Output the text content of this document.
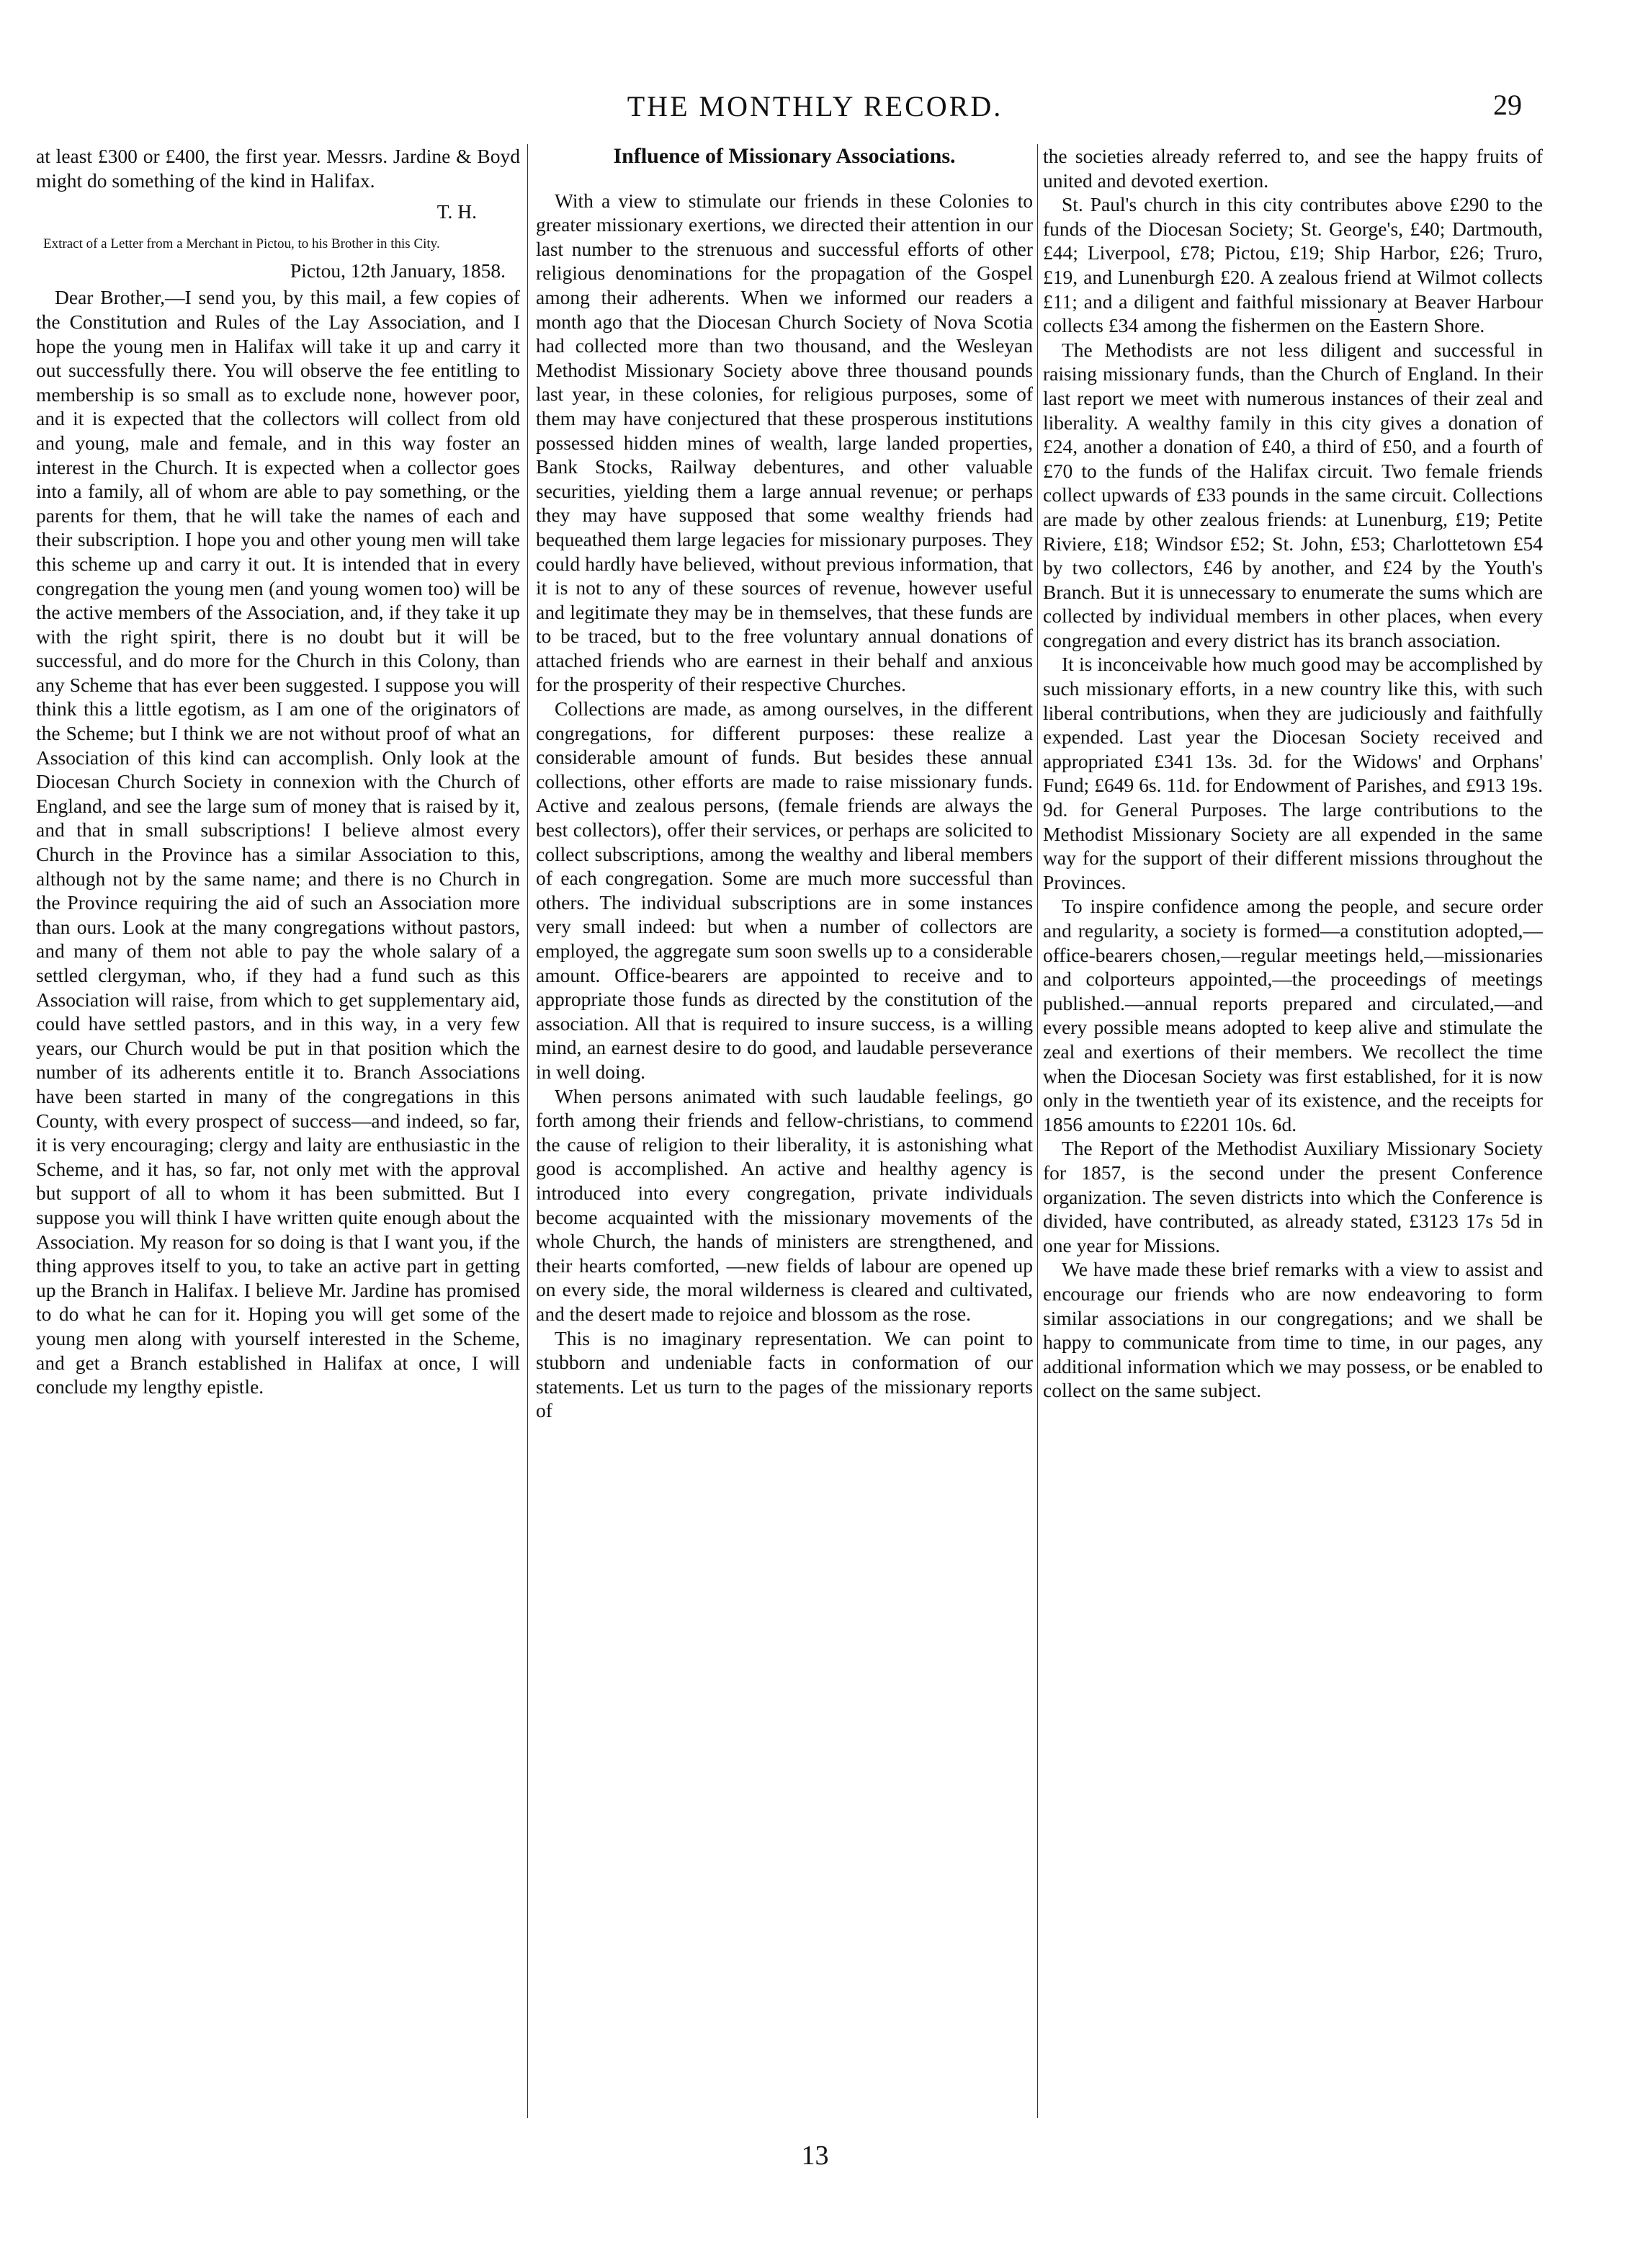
THE MONTHLY RECORD.	29

at least £300 or £400, the first year. Messrs. Jardine & Boyd might do something of the kind in Halifax.

T. H.

Extract of a Letter from a Merchant in Pictou, to his Brother in this City.

Pictou, 12th January, 1858.

Dear Brother,—I send you, by this mail, a few copies of the Constitution and Rules of the Lay Association, and I hope the young men in Halifax will take it up and carry it out successfully there. You will observe the fee entitling to membership is so small as to exclude none, however poor, and it is expected that the collectors will collect from old and young, male and female, and in this way foster an interest in the Church. It is expected when a collector goes into a family, all of whom are able to pay something, or the parents for them, that he will take the names of each and their subscription. I hope you and other young men will take this scheme up and carry it out. It is intended that in every congregation the young men (and young women too) will be the active members of the Association, and, if they take it up with the right spirit, there is no doubt but it will be successful, and do more for the Church in this Colony, than any Scheme that has ever been suggested. I suppose you will think this a little egotism, as I am one of the originators of the Scheme; but I think we are not without proof of what an Association of this kind can accomplish. Only look at the Diocesan Church Society in connexion with the Church of England, and see the large sum of money that is raised by it, and that in small subscriptions! I believe almost every Church in the Province has a similar Association to this, although not by the same name; and there is no Church in the Province requiring the aid of such an Association more than ours. Look at the many congregations without pastors, and many of them not able to pay the whole salary of a settled clergyman, who, if they had a fund such as this Association will raise, from which to get supplementary aid, could have settled pastors, and in this way, in a very few years, our Church would be put in that position which the number of its adherents entitle it to. Branch Associations have been started in many of the congregations in this County, with every prospect of success—and indeed, so far, it is very encouraging; clergy and laity are enthusiastic in the Scheme, and it has, so far, not only met with the approval but support of all to whom it has been submitted. But I suppose you will think I have written quite enough about the Association. My reason for so doing is that I want you, if the thing approves itself to you, to take an active part in getting up the Branch in Halifax. I believe Mr. Jardine has promised to do what he can for it. Hoping you will get some of the young men along with yourself interested in the Scheme, and get a Branch established in Halifax at once, I will conclude my lengthy epistle.

Influence of Missionary Associations.

With a view to stimulate our friends in these Colonies to greater missionary exertions, we directed their attention in our last number to the strenuous and successful efforts of other religious denominations for the propagation of the Gospel among their adherents. When we informed our readers a month ago that the Diocesan Church Society of Nova Scotia had collected more than two thousand, and the Wesleyan Methodist Missionary Society above three thousand pounds last year, in these colonies, for religious purposes, some of them may have conjectured that these prosperous institutions possessed hidden mines of wealth, large landed properties, Bank Stocks, Railway debentures, and other valuable securities, yielding them a large annual revenue; or perhaps they may have supposed that some wealthy friends had bequeathed them large legacies for missionary purposes. They could hardly have believed, without previous information, that it is not to any of these sources of revenue, however useful and legitimate they may be in themselves, that these funds are to be traced, but to the free voluntary annual donations of attached friends who are earnest in their behalf and anxious for the prosperity of their respective Churches.

Collections are made, as among ourselves, in the different congregations, for different purposes: these realize a considerable amount of funds. But besides these annual collections, other efforts are made to raise missionary funds. Active and zealous persons, (female friends are always the best collectors), offer their services, or perhaps are solicited to collect subscriptions, among the wealthy and liberal members of each congregation. Some are much more successful than others. The individual subscriptions are in some instances very small indeed: but when a number of collectors are employed, the aggregate sum soon swells up to a considerable amount. Office-bearers are appointed to receive and to appropriate those funds as directed by the constitution of the association. All that is required to insure success, is a willing mind, an earnest desire to do good, and laudable perseverance in well doing.

When persons animated with such laudable feelings, go forth among their friends and fellow-christians, to commend the cause of religion to their liberality, it is astonishing what good is accomplished. An active and healthy agency is introduced into every congregation, private individuals become acquainted with the missionary movements of the whole Church, the hands of ministers are strengthened, and their hearts comforted, —new fields of labour are opened up on every side, the moral wilderness is cleared and cultivated, and the desert made to rejoice and blossom as the rose.

This is no imaginary representation. We can point to stubborn and undeniable facts in conformation of our statements. Let us turn to the pages of the missionary reports of

the societies already referred to, and see the happy fruits of united and devoted exertion.

St. Paul's church in this city contributes above £290 to the funds of the Diocesan Society; St. George's, £40; Dartmouth, £44; Liverpool, £78; Pictou, £19; Ship Harbor, £26; Truro, £19, and Lunenburgh £20. A zealous friend at Wilmot collects £11; and a diligent and faithful missionary at Beaver Harbour collects £34 among the fishermen on the Eastern Shore.

The Methodists are not less diligent and successful in raising missionary funds, than the Church of England. In their last report we meet with numerous instances of their zeal and liberality. A wealthy family in this city gives a donation of £24, another a donation of £40, a third of £50, and a fourth of £70 to the funds of the Halifax circuit. Two female friends collect upwards of £33 pounds in the same circuit. Collections are made by other zealous friends: at Lunenburg, £19; Petite Riviere, £18; Windsor £52; St. John, £53; Charlottetown £54 by two collectors, £46 by another, and £24 by the Youth's Branch. But it is unnecessary to enumerate the sums which are collected by individual members in other places, when every congregation and every district has its branch association.

It is inconceivable how much good may be accomplished by such missionary efforts, in a new country like this, with such liberal contributions, when they are judiciously and faithfully expended. Last year the Diocesan Society received and appropriated £341 13s. 3d. for the Widows' and Orphans' Fund; £649 6s. 11d. for Endowment of Parishes, and £913 19s. 9d. for General Purposes. The large contributions to the Methodist Missionary Society are all expended in the same way for the support of their different missions throughout the Provinces.

To inspire confidence among the people, and secure order and regularity, a society is formed—a constitution adopted,—office-bearers chosen,—regular meetings held,—missionaries and colporteurs appointed,—the proceedings of meetings published.—annual reports prepared and circulated,—and every possible means adopted to keep alive and stimulate the zeal and exertions of their members. We recollect the time when the Diocesan Society was first established, for it is now only in the twentieth year of its existence, and the receipts for 1856 amounts to £2201 10s. 6d.

The Report of the Methodist Auxiliary Missionary Society for 1857, is the second under the present Conference organization. The seven districts into which the Conference is divided, have contributed, as already stated, £3123 17s 5d in one year for Missions.

We have made these brief remarks with a view to assist and encourage our friends who are now endeavoring to form similar associations in our congregations; and we shall be happy to communicate from time to time, in our pages, any additional information which we may possess, or be enabled to collect on the same subject.

13
